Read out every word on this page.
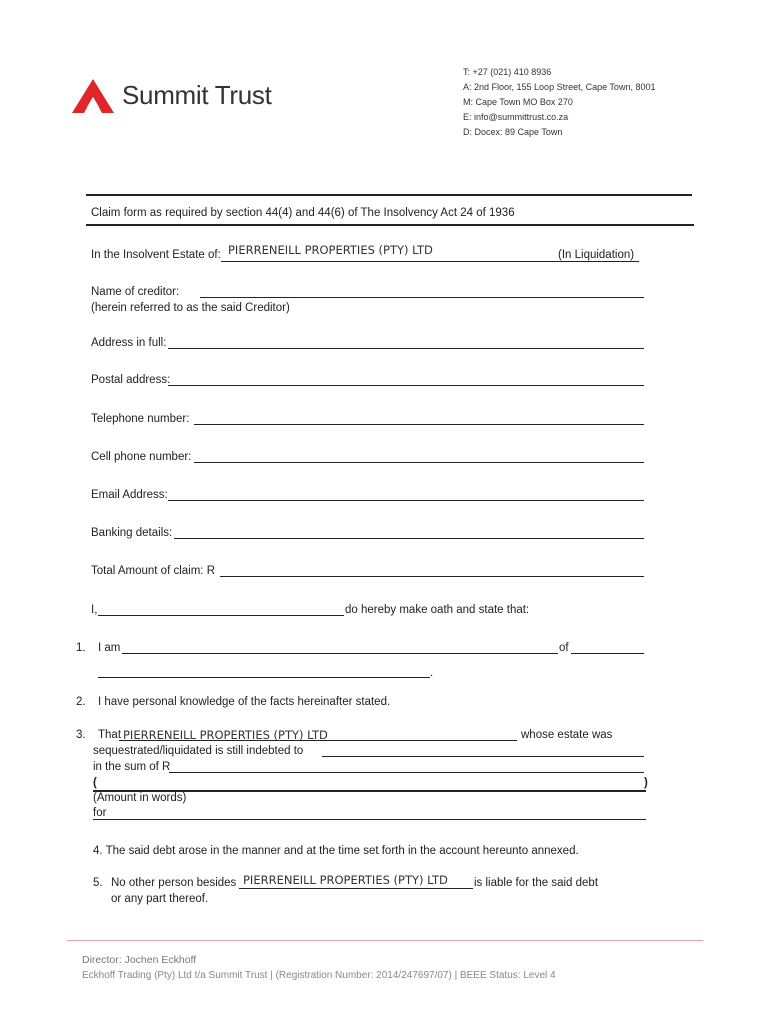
Summit Trust
T: +27 (021) 410 8936
A: 2nd Floor, 155 Loop Street, Cape Town, 8001
M: Cape Town MO Box 270
E: info@summittrust.co.za
D: Docex: 89 Cape Town
Claim form as required by section 44(4) and 44(6) of The Insolvency Act 24 of 1936
In the Insolvent Estate of: PIERRENEILL PROPERTIES (PTY) LTD	(In Liquidation)
Name of creditor:
(herein referred to as the said Creditor)
Address in full:
Postal address:
Telephone number:
Cell phone number:
Email Address:
Banking details:
Total Amount of claim: R
I,	do hereby make oath and state that:
1. I am	of
.
2. I have personal knowledge of the facts hereinafter stated.
3. That PIERRENEILL PROPERTIES (PTY) LTD	whose estate was
sequestrated/liquidated is still indebted to
in the sum of R
(	)
(Amount in words)
for
4. The said debt arose in the manner and at the time set forth in the account hereunto annexed.
5. No other person besides PIERRENEILL PROPERTIES (PTY) LTD is liable for the said debt
or any part thereof.
Director: Jochen Eckhoff
Eckhoff Trading (Pty) Ltd t/a Summit Trust | (Registration Number: 2014/247697/07) | BEEE Status: Level 4
